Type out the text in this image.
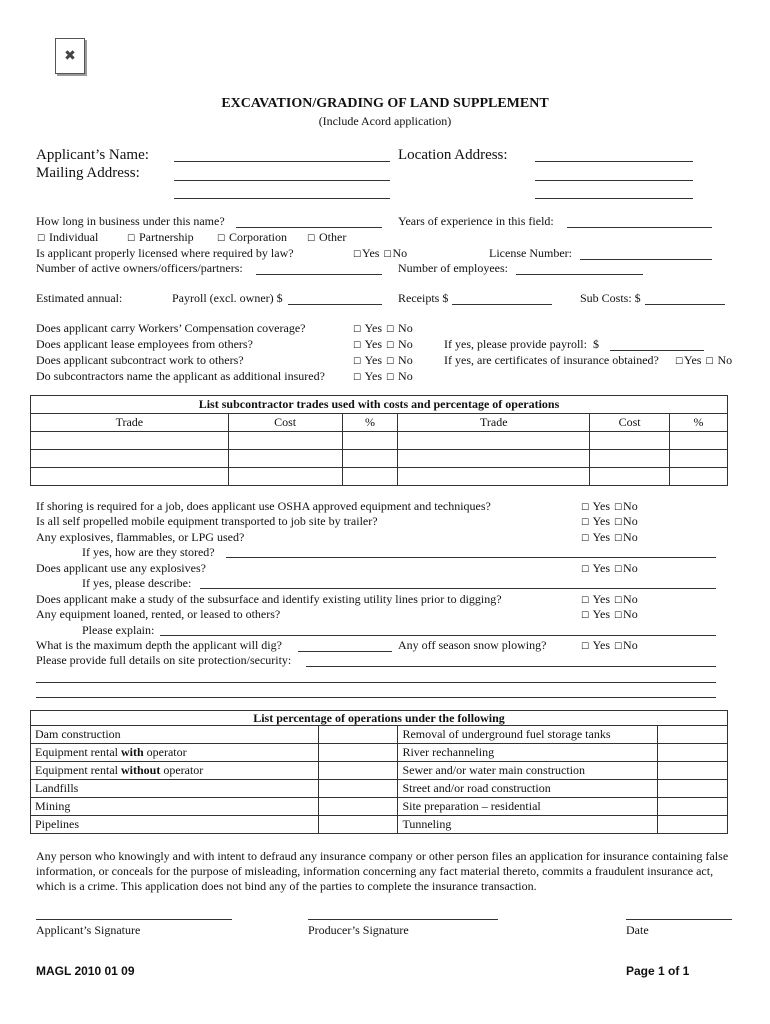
✖
EXCAVATION/GRADING OF LAND SUPPLEMENT
(Include Acord application)
Applicant’s Name:
Mailing Address:
Location Address:
How long in business under this name?	Years of experience in this field:
☐ Individual	☐ Partnership	☐ Corporation ☐ Other
Is applicant properly licensed where required by law?	☐Yes ☐No	License Number:
Number of active owners/officers/partners:	Number of employees:
Estimated annual:	Payroll (excl. owner) $	Receipts $	Sub Costs: $
Does applicant carry Workers’ Compensation coverage?	☐ Yes ☐ No
Does applicant lease employees from others?	☐ Yes ☐ No	If yes, please provide payroll: $
Does applicant subcontract work to others?	☐ Yes ☐ No	If yes, are certificates of insurance obtained? ☐Yes ☐ No
Do subcontractors name the applicant as additional insured?	☐ Yes ☐ No
List subcontractor trades used with costs and percentage of operations					
Trade	Cost	%	Trade	Cost	%

If shoring is required for a job, does applicant use OSHA approved equipment and techniques?	☐ Yes ☐No
Is all self propelled mobile equipment transported to job site by trailer?	☐ Yes ☐No
Any explosives, flammables, or LPG used?	☐ Yes ☐No
If yes, how are they stored?
Does applicant use any explosives?	☐ Yes ☐No
If yes, please describe:
Does applicant make a study of the subsurface and identify existing utility lines prior to digging?	☐ Yes ☐No
Any equipment loaned, rented, or leased to others?	☐ Yes ☐No
Please explain:
What is the maximum depth the applicant will dig?	Any off season snow plowing?	☐ Yes ☐No
Please provide full details on site protection/security:
List percentage of operations under the following			
Dam construction		Removal of underground fuel storage tanks	
Equipment rental with operator		River rechanneling	
Equipment rental without operator		Sewer and/or water main construction	
Landfills		Street and/or road construction	
Mining		Site preparation – residential	
Pipelines		Tunneling	
Any person who knowingly and with intent to defraud any insurance company or other person files an application for insurance containing false information, or conceals for the purpose of misleading, information concerning any fact material thereto, commits a fraudulent insurance act, which is a crime. This application does not bind any of the parties to complete the insurance transaction.
Applicant’s Signature	Producer’s Signature	Date
MAGL 2010 01 09	Page 1 of 1
